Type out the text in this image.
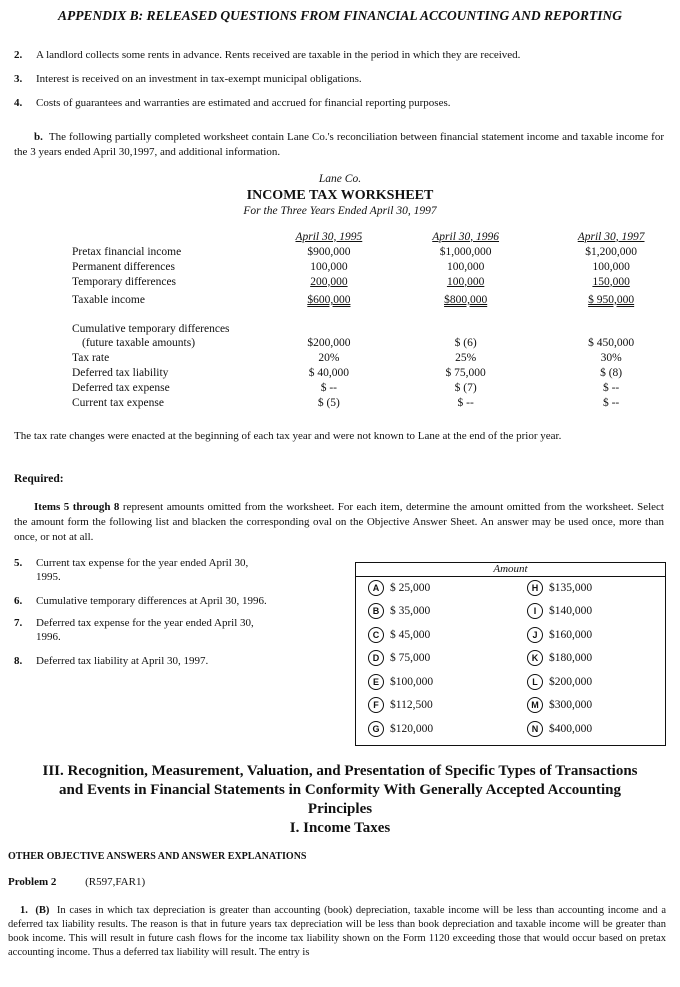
APPENDIX B: RELEASED QUESTIONS FROM FINANCIAL ACCOUNTING AND REPORTING
2. A landlord collects some rents in advance. Rents received are taxable in the period in which they are received.
3. Interest is received on an investment in tax-exempt municipal obligations.
4. Costs of guarantees and warranties are estimated and accrued for financial reporting purposes.
b. The following partially completed worksheet contain Lane Co.'s reconciliation between financial statement income and taxable income for the 3 years ended April 30,1997, and additional information.
Lane Co.
INCOME TAX WORKSHEET
For the Three Years Ended April 30, 1997
	April 30, 1995	April 30, 1996	April 30, 1997
Pretax financial income	$900,000	$1,000,000	$1,200,000
Permanent differences	100,000	100,000	100,000
Temporary differences	200,000	100,000	150,000
Taxable income	$600,000	$800,000	$ 950,000
Cumulative temporary differences			
(future taxable amounts)	$200,000	$ (6)	$ 450,000
Tax rate	20%	25%	30%
Deferred tax liability	$ 40,000	$ 75,000	$ (8)
Deferred tax expense	$ --	$ (7)	$ --
Current tax expense	$ (5)	$ --	$ --
The tax rate changes were enacted at the beginning of each tax year and were not known to Lane at the end of the prior year.
Required:
Items 5 through 8 represent amounts omitted from the worksheet. For each item, determine the amount omitted from the worksheet. Select the amount form the following list and blacken the corresponding oval on the Objective Answer Sheet. An answer may be used once, more than once, or not at all.
5. Current tax expense for the year ended April 30,
1995.
6. Cumulative temporary differences at April 30, 1996.
7. Deferred tax expense for the year ended April 30,
1996.
8. Deferred tax liability at April 30, 1997.
Amount
A $ 25,000
B $ 35,000
C $ 45,000
D $ 75,000
E $100,000
F $112,500
G $120,000
H $135,000
I	$140,000
J	$160,000
K $180,000
L $200,000
M $300,000
N $400,000
III. Recognition, Measurement, Valuation, and Presentation of Specific Types of Transactions
and Events in Financial Statements in Conformity With Generally Accepted Accounting
Principles
I. Income Taxes
OTHER OBJECTIVE ANSWERS AND ANSWER EXPLANATIONS
Problem 2	(R597,FAR1)
1. (B) In cases in which tax depreciation is greater than accounting (book) depreciation, taxable income will be less than accounting income and a deferred tax liability results. The reason is that in future years tax depreciation will be less than book depreciation and taxable income will be greater than book income. This will result in future cash flows for the income tax liability shown on the Form 1120 exceeding those that would occur based on pretax accounting income. Thus a deferred tax liability will result. The entry is
